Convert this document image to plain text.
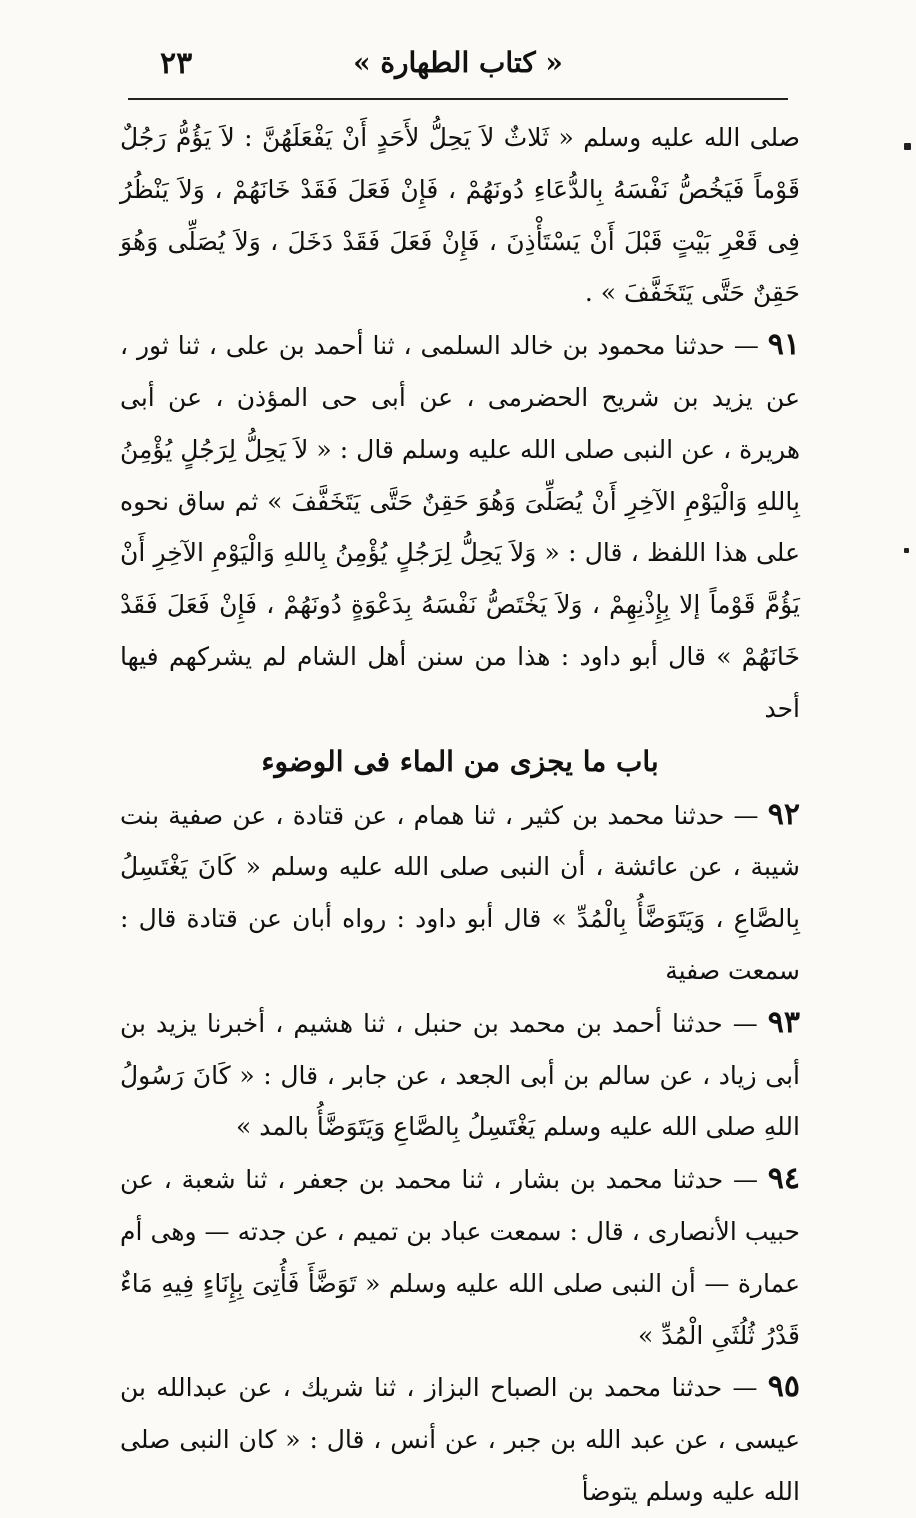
٢٣	« كتاب الطهارة »

صلى الله عليه وسلم « ثَلاثٌ لاَ يَحِلُّ لأَحَدٍ أَنْ يَفْعَلَهُنَّ : لاَ يَؤُمُّ رَجُلٌ قَوْماً فَيَخُصُّ نَفْسَهُ بِالدُّعَاءِ دُونَهُمْ ، فَإِنْ فَعَلَ فَقَدْ خَانَهُمْ ، وَلاَ يَنْظُرُ فِى قَعْرِ بَيْتٍ قَبْلَ أَنْ يَسْتَأْذِنَ ، فَإِنْ فَعَلَ فَقَدْ دَخَلَ ، وَلاَ يُصَلِّى وَهُوَ حَقِنٌ حَتَّى يَتَخَفَّفَ » .

٩١ — حدثنا محمود بن خالد السلمى ، ثنا أحمد بن على ، ثنا ثور ، عن يزيد بن شريح الحضرمى ، عن أبى حى المؤذن ، عن أبى هريرة ، عن النبى صلى الله عليه وسلم قال : « لاَ يَحِلُّ لِرَجُلٍ يُؤْمِنُ بِاللهِ وَالْيَوْمِ الآخِرِ أَنْ يُصَلِّىَ وَهُوَ حَقِنٌ حَتَّى يَتَخَفَّفَ » ثم ساق نحوه على هذا اللفظ ، قال : « وَلاَ يَحِلُّ لِرَجُلٍ يُؤْمِنُ بِاللهِ وَالْيَوْمِ الآخِرِ أَنْ يَؤُمَّ قَوْماً إلا بِإِذْنِهِمْ ، وَلاَ يَخْتَصُّ نَفْسَهُ بِدَعْوَةٍ دُونَهُمْ ، فَإِنْ فَعَلَ فَقَدْ خَانَهُمْ » قال أبو داود : هذا من سنن أهل الشام لم يشركهم فيها أحد

باب ما يجزى من الماء فى الوضوء

٩٢ — حدثنا محمد بن كثير ، ثنا همام ، عن قتادة ، عن صفية بنت شيبة ، عن عائشة ، أن النبى صلى الله عليه وسلم « كَانَ يَغْتَسِلُ بِالصَّاعِ ، وَيَتَوَضَّأُ بِالْمُدِّ » قال أبو داود : رواه أبان عن قتادة قال : سمعت صفية

٩٣ — حدثنا أحمد بن محمد بن حنبل ، ثنا هشيم ، أخبرنا يزيد بن أبى زياد ، عن سالم بن أبى الجعد ، عن جابر ، قال : « كَانَ رَسُولُ اللهِ صلى الله عليه وسلم يَغْتَسِلُ بِالصَّاعِ وَيَتَوَضَّأُ بالمد »

٩٤ — حدثنا محمد بن بشار ، ثنا محمد بن جعفر ، ثنا شعبة ، عن حبيب الأنصارى ، قال : سمعت عباد بن تميم ، عن جدته — وهى أم عمارة — أن النبى صلى الله عليه وسلم « تَوَضَّأَ فَأُتِىَ بِإِنَاءٍ فِيهِ مَاءٌ قَدْرُ ثُلُثَىِ الْمُدِّ »

٩٥ — حدثنا محمد بن الصباح البزاز ، ثنا شريك ، عن عبدالله بن عيسى ، عن عبد الله بن جبر ، عن أنس ، قال : « كان النبى صلى الله عليه وسلم يتوضأ
